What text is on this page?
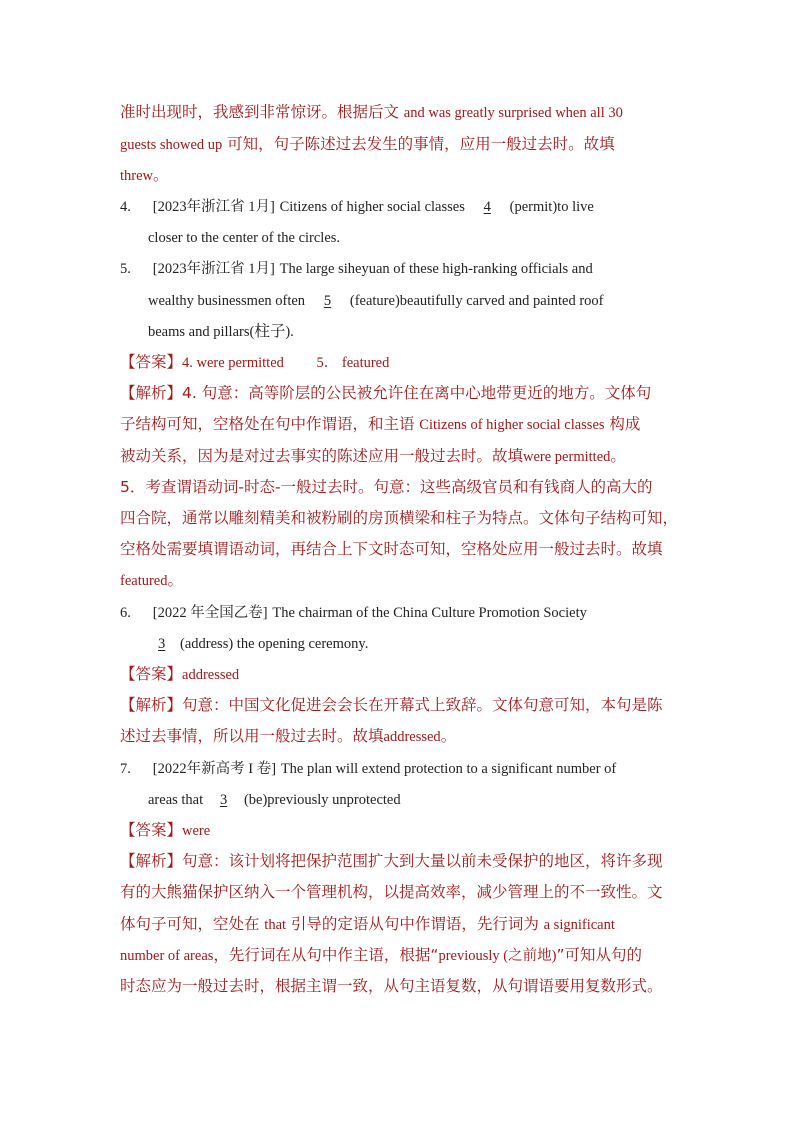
准时出现时，我感到非常惊讶。根据后文 and was greatly surprised when all 30
guests showed up 可知，句子陈述过去发生的事情，应用一般过去时。故填
threw。
4. [2023年浙江省 1月] Citizens of higher social classes 4 (permit)to live
closer to the center of the circles.
5. [2023年浙江省 1月] The large siheyuan of these high-ranking officials and
wealthy businessmen often 5 (feature)beautifully carved and painted roof
beams and pillars(柱子).
【答案】4. were permitted         5． featured
【解析】4. 句意：高等阶层的公民被允许住在离中心地带更近的地方。文体句
子结构可知，空格处在句中作谓语，和主语 Citizens of higher social classes 构成
被动关系，因为是对过去事实的陈述应用一般过去时。故填were permitted。
5．考查谓语动词-时态-一般过去时。句意：这些高级官员和有钱商人的高大的
四合院，通常以雕刻精美和被粉刷的房顶横梁和柱子为特点。文体句子结构可知，
空格处需要填谓语动词，再结合上下文时态可知，空格处应用一般过去时。故填
featured。
6. [2022 年全国乙卷] The chairman of the China Culture Promotion Society
3 (address) the opening ceremony.
【答案】addressed
【解析】句意：中国文化促进会会长在开幕式上致辞。文体句意可知，本句是陈
述过去事情，所以用一般过去时。故填addressed。
7. [2022年新高考 I 卷] The plan will extend protection to a significant number of
areas that 3 (be)previously unprotected
【答案】were
【解析】句意：该计划将把保护范围扩大到大量以前未受保护的地区，将许多现
有的大熊猫保护区纳入一个管理机构，以提高效率，减少管理上的不一致性。文
体句子可知，空处在 that 引导的定语从句中作谓语，先行词为 a significant
number of areas，先行词在从句中作主语，根据“previously (之前地)”可知从句的
时态应为一般过去时，根据主谓一致，从句主语复数，从句谓语要用复数形式。
